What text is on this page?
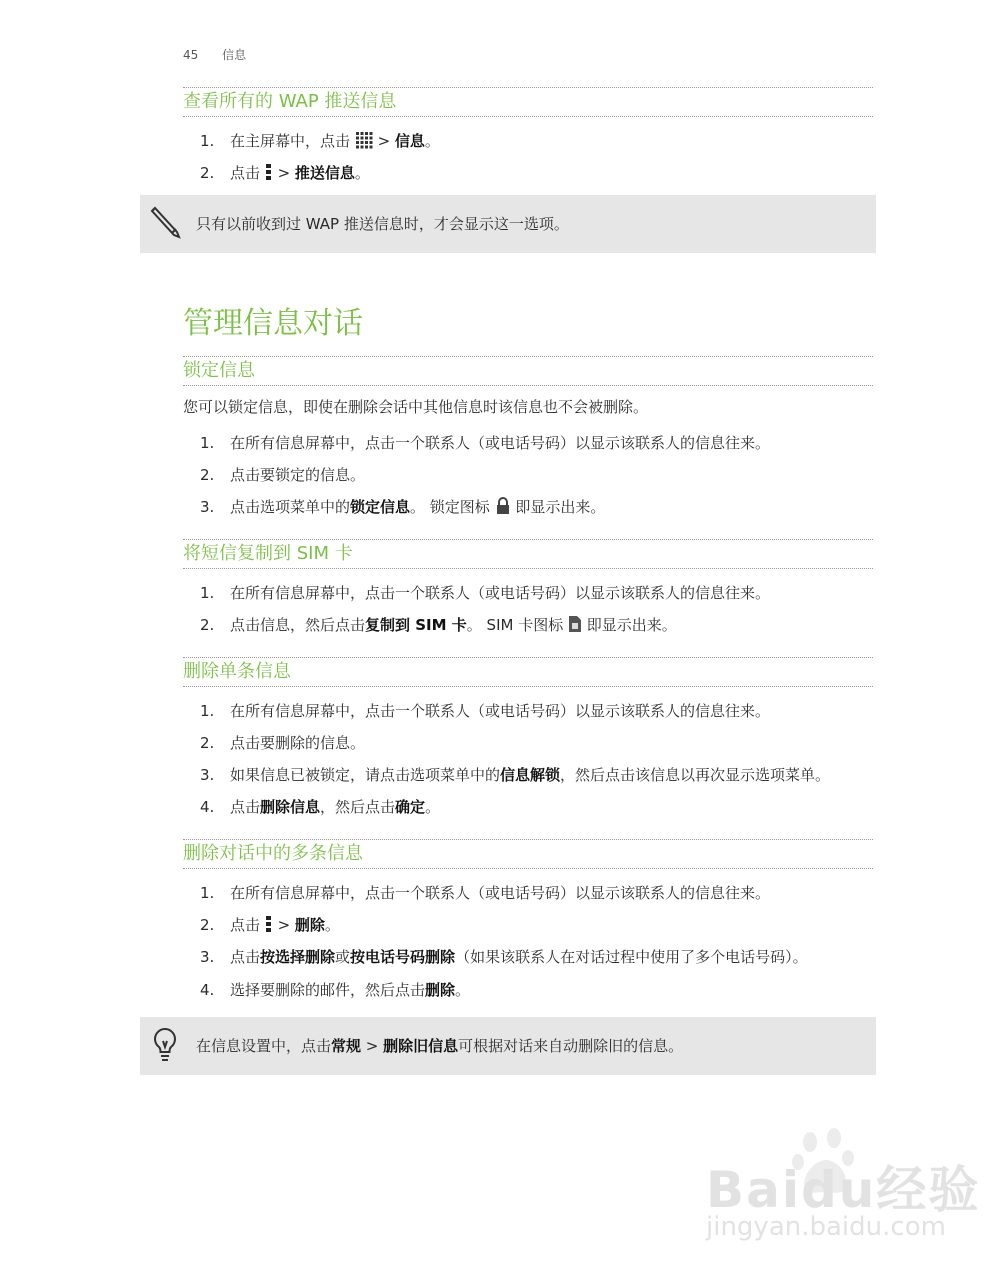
45 信息
查看所有的 WAP 推送信息
1. 在主屏幕中，点击  > 信息。
2. 点击  > 推送信息。
只有以前收到过 WAP 推送信息时，才会显示这一选项。
管理信息对话
锁定信息
您可以锁定信息，即使在删除会话中其他信息时该信息也不会被删除。
1. 在所有信息屏幕中，点击一个联系人（或电话号码）以显示该联系人的信息往来。
2. 点击要锁定的信息。
3. 点击选项菜单中的锁定信息。 锁定图标 即显示出来。
将短信复制到 SIM 卡
1. 在所有信息屏幕中，点击一个联系人（或电话号码）以显示该联系人的信息往来。
2. 点击信息，然后点击复制到 SIM 卡。 SIM 卡图标 即显示出来。
删除单条信息
1. 在所有信息屏幕中，点击一个联系人（或电话号码）以显示该联系人的信息往来。
2. 点击要删除的信息。
3. 如果信息已被锁定，请点击选项菜单中的信息解锁，然后点击该信息以再次显示选项菜单。
4. 点击删除信息，然后点击确定。
删除对话中的多条信息
1. 在所有信息屏幕中，点击一个联系人（或电话号码）以显示该联系人的信息往来。
2. 点击  > 删除。
3. 点击按选择删除或按电话号码删除（如果该联系人在对话过程中使用了多个电话号码）。
4. 选择要删除的邮件，然后点击删除。
在信息设置中，点击常规 > 删除旧信息可根据对话来自动删除旧的信息。
Baidu经验
jingyan.baidu.com
